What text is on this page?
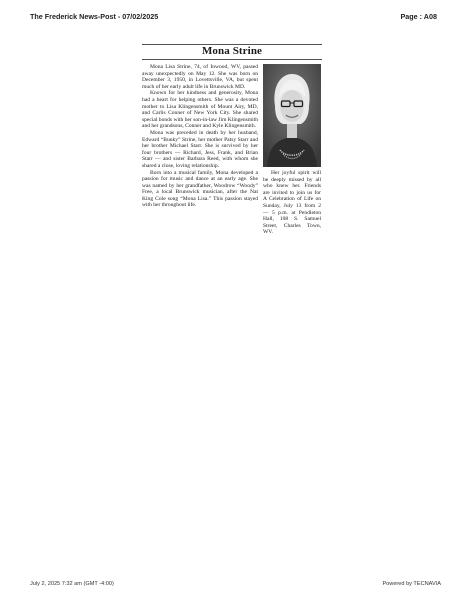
The Frederick News-Post - 07/02/2025	Page : A08
Mona Strine

Mona Lisa Strine, 74, of Inwood, WV, passed away unexpectedly on May 12. She was born on December 3, 1950, in Lovettsville, VA, but spent much of her early adult life in Brunswick MD.

Known for her kindness and generosity, Mona had a heart for helping others. She was a devoted mother to Lisa Klingensmith of Mount Airy, MD, and Carlis Conner of New York City. She shared special bonds with her son-in-law Jim Klingensmith and her grandsons, Conner and Kyle Klingensmith.

Mona was preceded in death by her husband, Edward “Bunky” Strine, her mother Patsy Starr and her brother Michael Starr. She is survived by her four brothers — Richard, Jess, Frank, and Brian Starr — and sister Barbara Reed, with whom she shared a close, loving relationship.

Born into a musical family, Mona developed a passion for music and dance at an early age. She was named by her grandfather, Woodrow “Woody” Free, a local Brunswick musician, after the Nat King Cole song “Mona Lisa.” This passion stayed with her throughout life.

Her joyful spirit will be deeply missed by all who knew her. Friends are invited to join us for A Celebration of Life on Sunday, July 13 from 2 — 5 p.m. at Pendleton Hall, 108 S. Samuel Street, Charles Town, WV.

July 2, 2025 7:32 am (GMT -4:00)	Powered by TECNAVIA
